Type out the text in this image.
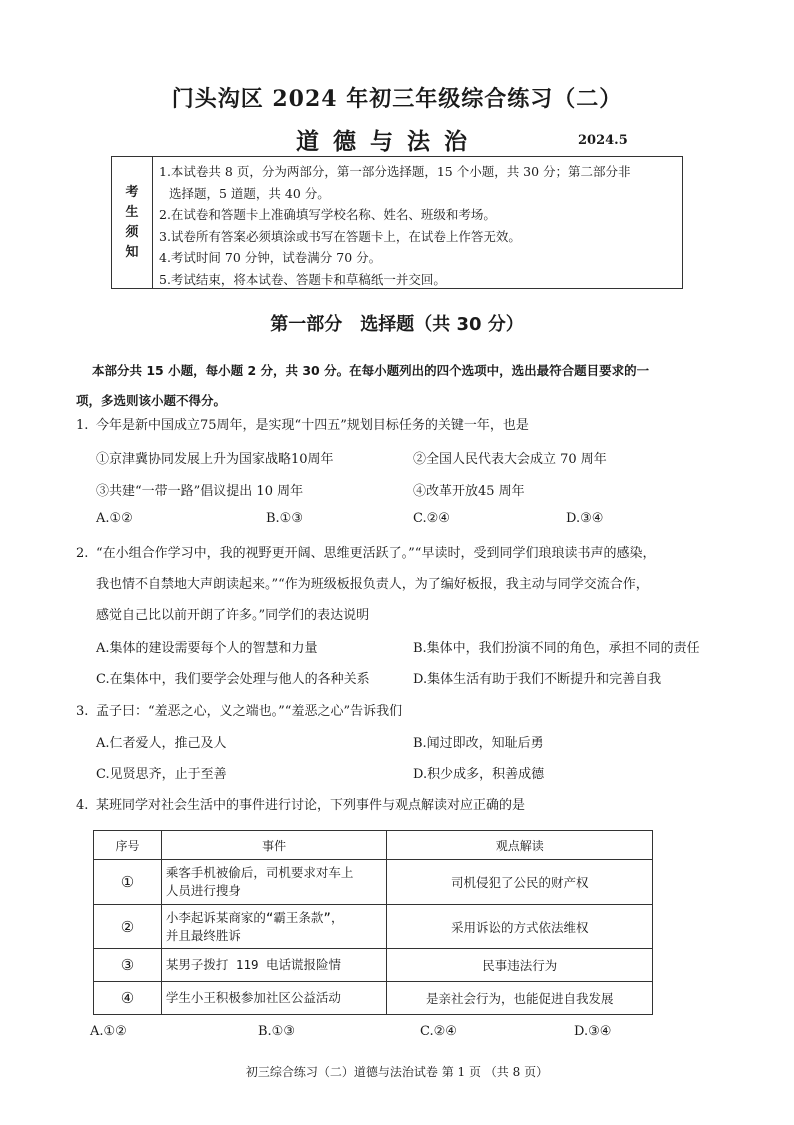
门头沟区 2024 年初三年级综合练习（二）
道德与法治	2024.5
考
生
须
知
1.本试卷共 8 页，分为两部分，第一部分选择题，15 个小题，共 30 分；第二部分非
选择题，5 道题，共 40 分。
2.在试卷和答题卡上准确填写学校名称、姓名、班级和考场。
3.试卷所有答案必须填涂或书写在答题卡上，在试卷上作答无效。
4.考试时间 70 分钟，试卷满分 70 分。
5.考试结束，将本试卷、答题卡和草稿纸一并交回。
第一部分 选择题（共 30 分）
本部分共 15 小题，每小题 2 分，共 30 分。在每小题列出的四个选项中，选出最符合题目要求的一
项，多选则该小题不得分。
1. 今年是新中国成立75周年，是实现“十四五”规划目标任务的关键一年，也是
①京津冀协同发展上升为国家战略10周年	②全国人民代表大会成立 70 周年
③共建“一带一路”倡议提出 10 周年	④改革开放45 周年
A.①②	B.①③	C.②④	D.③④
2. “在小组合作学习中，我的视野更开阔、思维更活跃了。”“早读时，受到同学们琅琅读书声的感染，
我也情不自禁地大声朗读起来。”“作为班级板报负责人，为了编好板报，我主动与同学交流合作，
感觉自己比以前开朗了许多。”同学们的表达说明
A.集体的建设需要每个人的智慧和力量	B.集体中，我们扮演不同的角色，承担不同的责任
C.在集体中，我们要学会处理与他人的各种关系	D.集体生活有助于我们不断提升和完善自我
3. 孟子曰：“羞恶之心，义之端也。”“羞恶之心”告诉我们
A.仁者爱人，推己及人	B.闻过即改，知耻后勇
C.见贤思齐，止于至善	D.积少成多，积善成德
4. 某班同学对社会生活中的事件进行讨论，下列事件与观点解读对应正确的是
序号	事件	观点解读
①	乘客手机被偷后，司机要求对车上
人员进行搜身	司机侵犯了公民的财产权
②	小李起诉某商家的“霸王条款”，
并且最终胜诉	采用诉讼的方式依法维权
③	某男子拨打 119 电话谎报险情	民事违法行为
④	学生小王积极参加社区公益活动	是亲社会行为，也能促进自我发展
A.①②	B.①③	C.②④	D.③④
初三综合练习（二）道德与法治试卷 第 1 页 （共 8 页）
